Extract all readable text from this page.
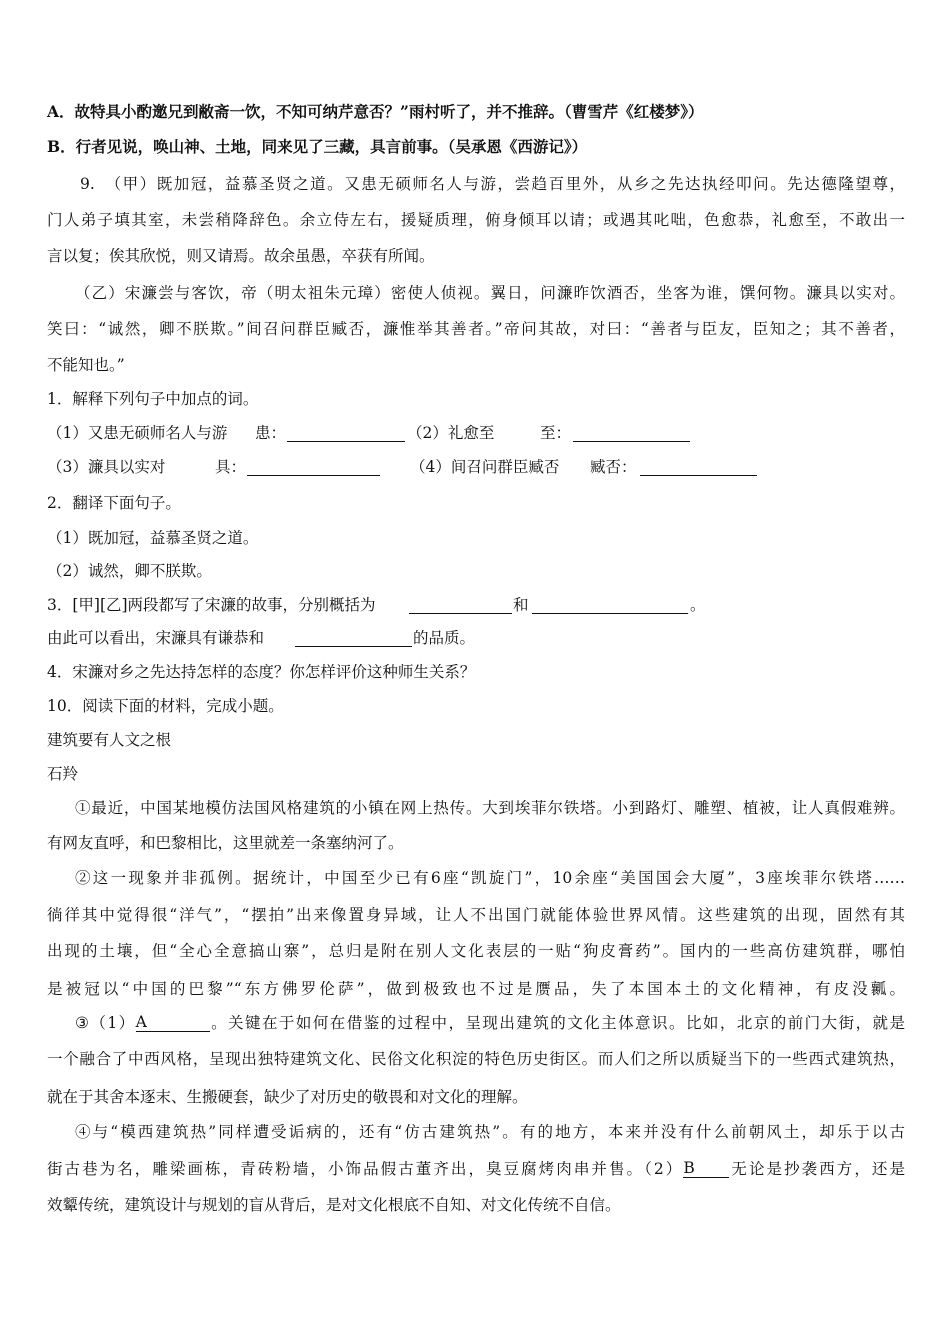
A．故特具小酌邀兄到敝斋一饮，不知可纳芹意否？”雨村听了，并不推辞。（曹雪芹《红楼梦》）
B．行者见说，唤山神、土地，同来见了三藏，具言前事。（吴承恩《西游记》）
9.　（甲）既加冠，益慕圣贤之道。又患无硕师名人与游，尝趋百里外，从乡之先达执经叩问。先达德隆望尊，
门人弟子填其室，未尝稍降辞色。余立侍左右，援疑质理，俯身倾耳以请；或遇其叱咄，色愈恭，礼愈至，不敢出一
言以复；俟其欣悦，则又请焉。故余虽愚，卒获有所闻。
（乙）宋濂尝与客饮，帝（明太祖朱元璋）密使人侦视。翼日，问濂昨饮酒否，坐客为谁，馔何物。濂具以实对。
笑曰：“诚然，卿不朕欺。”间召问群臣臧否，濂惟举其善者。”帝问其故，对曰：“善者与臣友，臣知之；其不善者，
不能知也。”
1．解释下列句子中加点的词。
（1）又患无硕师名人与游 患：	（2）礼愈至	至：
（3）濂具以实对	具：	（4）间召问群臣臧否 臧否：
2．翻译下面句子。
（1）既加冠，益慕圣贤之道。
（2）诚然，卿不朕欺。
3．[甲][乙]两段都写了宋濂的故事，分别概括为	和	。
由此可以看出，宋濂具有谦恭和	的品质。
4．宋濂对乡之先达持怎样的态度？你怎样评价这种师生关系？
10．阅读下面的材料，完成小题。
建筑要有人文之根
石羚
①最近，中国某地模仿法国风格建筑的小镇在网上热传。大到埃菲尔铁塔。小到路灯、雕塑、植被，让人真假难辨。
有网友直呼，和巴黎相比，这里就差一条塞纳河了。
②这一现象并非孤例。据统计，中国至少已有6座“凯旋门”，10余座“美国国会大厦”，3座埃菲尔铁塔……
徜徉其中觉得很“洋气”，“摆拍”出来像置身异域，让人不出国门就能体验世界风情。这些建筑的出现，固然有其
出现的土壤，但“全心全意搞山寨”，总归是附在别人文化表层的一贴“狗皮膏药”。国内的一些高仿建筑群，哪怕
是被冠以“中国的巴黎”“东方佛罗伦萨”，做到极致也不过是赝品，失了本国本土的文化精神，有皮没瓤。
③（1）A	。关键在于如何在借鉴的过程中，呈现出建筑的文化主体意识。比如，北京的前门大街，就是
一个融合了中西风格，呈现出独特建筑文化、民俗文化积淀的特色历史街区。而人们之所以质疑当下的一些西式建筑热，
就在于其舍本逐末、生搬硬套，缺少了对历史的敬畏和对文化的理解。
④与“模西建筑热”同样遭受诟病的，还有“仿古建筑热”。有的地方，本来并没有什么前朝风土，却乐于以古
街古巷为名，雕梁画栋，青砖粉墙，小饰品假古董齐出，臭豆腐烤肉串并售。（2）B 无论是抄袭西方，还是
效颦传统，建筑设计与规划的盲从背后，是对文化根底不自知、对文化传统不自信。
